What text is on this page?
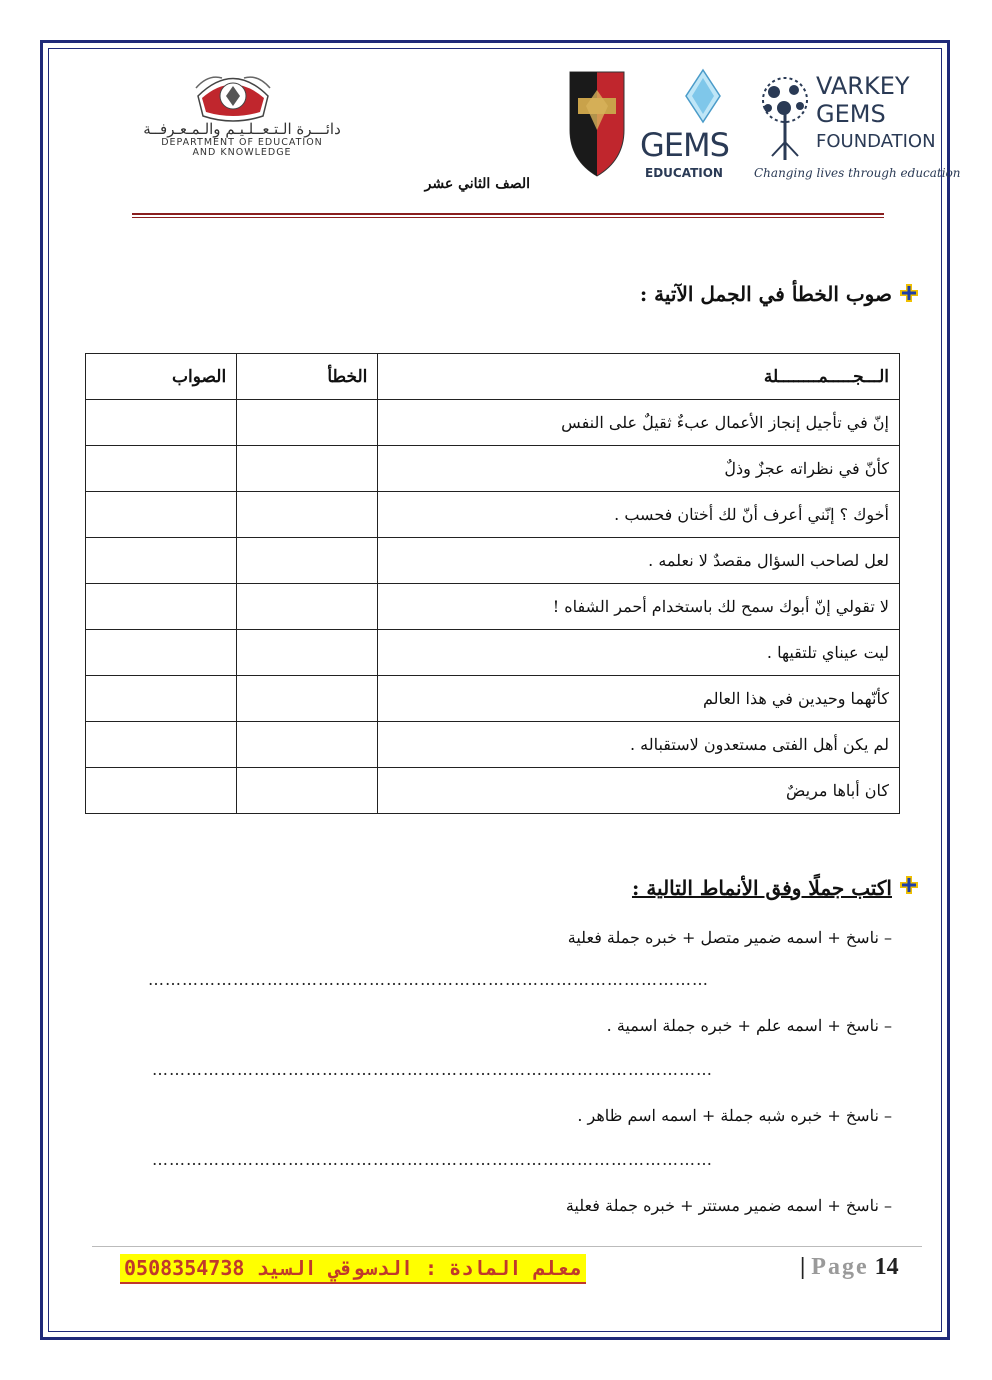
دائـــرة الـتـعــلـيـم والـمـعـرفــة
DEPARTMENT OF EDUCATION
AND KNOWLEDGE	GEMS
EDUCATION
VARKEY
GEMS
FOUNDATION
Changing lives through education
الصف الثاني عشر
صوب الخطأ في الجمل الآتية :
الـــجـــــمــــــــلة	الخطأ	الصواب
إنّ في تأجيل إنجاز الأعمال عبءٌ ثقيلٌ على النفس		
كأنّ في نظراته عجزٌ وذلٌ		
أخوك ؟ إنّني أعرف أنّ لك أختان فحسب .		
لعل لصاحب السؤال مقصدٌ لا نعلمه .		
لا تقولي إنّ أبوك سمح لك باستخدام أحمر الشفاه !		
ليت عيناي تلتقيها .		
كأنّهما وحيدين في هذا العالم		
لم يكن أهل الفتى مستعدون لاستقباله .		
كان أباها مريضٌ		
اكتب جملًا وفق الأنماط التالية :
– ناسخ + اسمه ضمير متصل + خبره جملة فعلية
………………………………………………………………………………………
– ناسخ + اسمه علم + خبره جملة اسمية .
………………………………………………………………………………………
– ناسخ + خبره شبه جملة + اسمه اسم ظاهر .
………………………………………………………………………………………
– ناسخ + اسمه ضمير مستتر + خبره جملة فعلية
معلم المادة : الدسوقي السيد 0508354738	| Page 14
